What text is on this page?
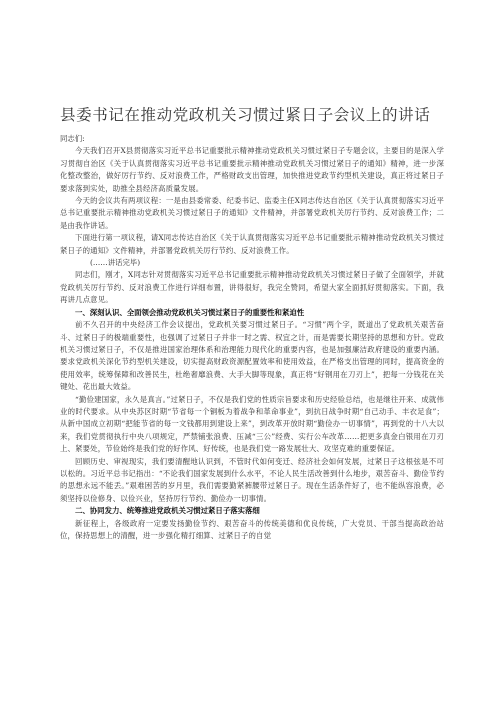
县委书记在推动党政机关习惯过紧日子会议上的讲话

同志们:

今天我们召开X县贯彻落实习近平总书记重要批示精神推动党政机关习惯过紧日子专题会议，主要目的是深入学习贯彻自治区《关于认真贯彻落实习近平总书记重要批示精神推动党政机关习惯过紧日子的通知》精神，进一步深化整改整治，做好厉行节约、反对浪费工作，严格财政支出管理，加快推进党政节约型机关建设，真正将过紧日子要求落到实处，助推全县经济高质量发展。

今天的会议共有两项议程：一是由县委常委、纪委书记、监委主任X同志传达自治区《关于认真贯彻落实习近平总书记重要批示精神推动党政机关习惯过紧日子的通知》文件精神，并部署党政机关厉行节约、反对浪费工作；二是由我作讲话。

下面进行第一项议程，请X同志传达自治区《关于认真贯彻落实习近平总书记重要批示精神推动党政机关习惯过紧日子的通知》文件精神，并部署党政机关厉行节约、反对浪费工作。

(……讲话完毕)

同志们，刚才，X同志针对贯彻落实习近平总书记重要批示精神推动党政机关习惯过紧日子做了全面领学，并就党政机关厉行节约、反对浪费工作进行详细布置，讲得很好，我完全赞同，希望大家全面抓好贯彻落实。下面，我再讲几点意见。

一、深刻认识、全面领会推动党政机关习惯过紧日子的重要性和紧迫性

前不久召开的中央经济工作会议提出，党政机关要习惯过紧日子。“习惯”两个字，既道出了党政机关艰苦奋斗、过紧日子的极端重要性，也强调了过紧日子并非一时之需、权宜之计，而是需要长期坚持的思想和方针。党政机关习惯过紧日子，不仅是推进国家治理体系和治理能力现代化的重要内容，也是加强廉洁政府建设的重要内涵。要求党政机关深化节约型机关建设，切实提高财政资源配置效率和使用效益，在严格支出管理的同时，提高资金的使用效率，统筹保障和改善民生，杜绝奢靡浪费、大手大脚等现象，真正将“好钢用在刀刃上”，把每一分钱花在关键处、花出最大效益。

“勤俭建国家，永久是真言。”过紧日子，不仅是我们党的性质宗旨要求和历史经验总结，也是继往开来、成就伟业的时代要求。从中央苏区时期“节省每一个铜板为着战争和革命事业”，到抗日战争时期“自己动手、丰衣足食”；从新中国成立初期“把能节省的每一文钱都用到建设上来”，到改革开放时期“勤俭办一切事情”，再到党的十八大以来，我们党贯彻执行中央八项规定，严禁铺张浪费、压减“三公”经费、实行公车改革……把更多真金白银用在刀刃上、紧要处，节俭始终是我们党的好作风、好传统，也是我们党一路发展壮大、攻坚克难的重要保证。

回顾历史、审视现实，我们要清醒地认识到，不管时代如何变迁、经济社会如何发展，过紧日子这根弦是不可以松的。习近平总书记指出：“不论我们国家发展到什么水平，不论人民生活改善到什么地步，艰苦奋斗、勤俭节约的思想永远不能丢。”艰难困苦的岁月里，我们需要勤紧裤腰带过紧日子。现在生活条件好了，也不能纵容浪费，必须坚持以俭修身、以俭兴业，坚持厉行节约、勤俭办一切事情。

二、协同发力、统筹推进党政机关习惯过紧日子落实落细

新征程上，各级政府一定要发扬勤俭节约、艰苦奋斗的传统美德和优良传统，广大党员、干部当提高政治站位，保持思想上的清醒，进一步强化精打细算、过紧日子的自觉
